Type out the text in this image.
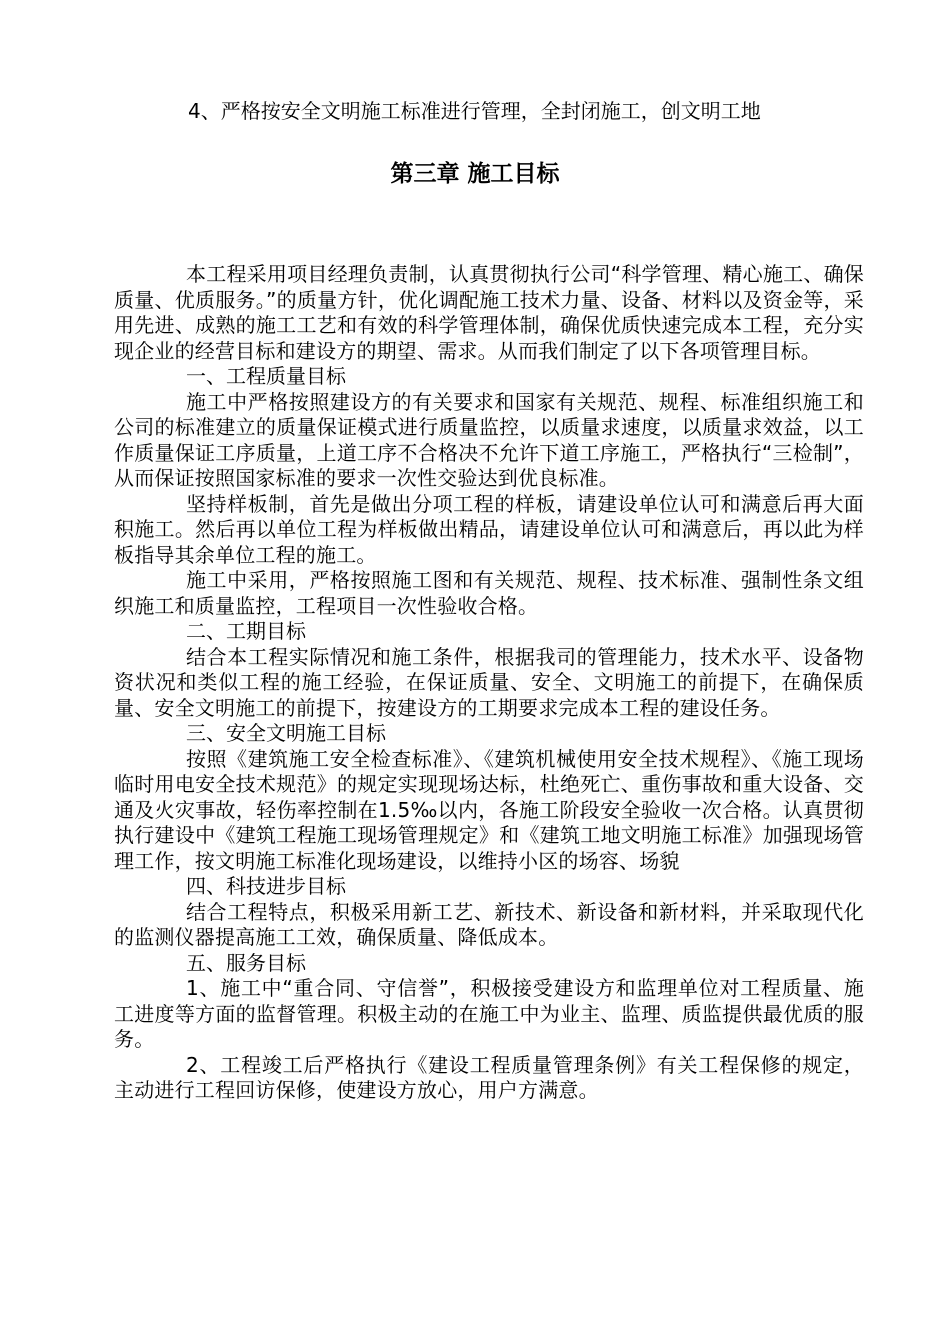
4、严格按安全文明施工标准进行管理，全封闭施工，创文明工地
第三章 施工目标

本工程采用项目经理负责制，认真贯彻执行公司“科学管理、精心施工、确保质量、优质服务。”的质量方针，优化调配施工技术力量、设备、材料以及资金等，采用先进、成熟的施工工艺和有效的科学管理体制，确保优质快速完成本工程，充分实现企业的经营目标和建设方的期望、需求。从而我们制定了以下各项管理目标。

一、工程质量目标

施工中严格按照建设方的有关要求和国家有关规范、规程、标准组织施工和公司的标准建立的质量保证模式进行质量监控，以质量求速度，以质量求效益，以工作质量保证工序质量，上道工序不合格决不允许下道工序施工，严格执行“三检制”，从而保证按照国家标准的要求一次性交验达到优良标准。

坚持样板制，首先是做出分项工程的样板，请建设单位认可和满意后再大面积施工。然后再以单位工程为样板做出精品，请建设单位认可和满意后，再以此为样板指导其余单位工程的施工。

施工中采用，严格按照施工图和有关规范、规程、技术标准、强制性条文组织施工和质量监控，工程项目一次性验收合格。

二、工期目标

结合本工程实际情况和施工条件，根据我司的管理能力，技术水平、设备物资状况和类似工程的施工经验，在保证质量、安全、文明施工的前提下，在确保质量、安全文明施工的前提下，按建设方的工期要求完成本工程的建设任务。

三、安全文明施工目标

按照《建筑施工安全检查标准》、《建筑机械使用安全技术规程》、《施工现场临时用电安全技术规范》的规定实现现场达标，杜绝死亡、重伤事故和重大设备、交通及火灾事故，轻伤率控制在1.5‰以内，各施工阶段安全验收一次合格。认真贯彻执行建设中《建筑工程施工现场管理规定》和《建筑工地文明施工标准》加强现场管理工作，按文明施工标准化现场建设，以维持小区的场容、场貌

四、科技进步目标

结合工程特点，积极采用新工艺、新技术、新设备和新材料，并采取现代化的监测仪器提高施工工效，确保质量、降低成本。

五、服务目标

1、施工中“重合同、守信誉”，积极接受建设方和监理单位对工程质量、施工进度等方面的监督管理。积极主动的在施工中为业主、监理、质监提供最优质的服务。

2、工程竣工后严格执行《建设工程质量管理条例》有关工程保修的规定，主动进行工程回访保修，使建设方放心，用户方满意。
